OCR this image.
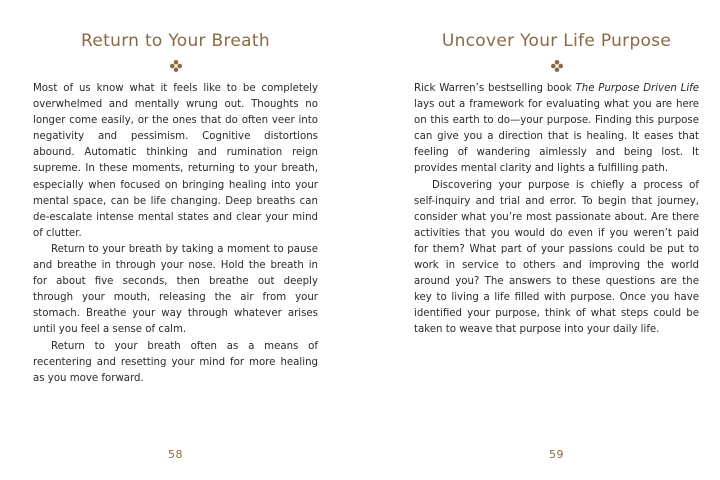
Return to Your Breath

Most of us know what it feels like to be completely overwhelmed and mentally wrung out. Thoughts no longer come easily, or the ones that do often veer into negativity and pessimism. Cognitive distortions abound. Automatic thinking and rumination reign supreme. In these moments, returning to your breath, especially when focused on bringing healing into your mental space, can be life changing. Deep breaths can de-escalate intense mental states and clear your mind of clutter.

Return to your breath by taking a moment to pause and breathe in through your nose. Hold the breath in for about five seconds, then breathe out deeply through your mouth, releasing the air from your stomach. Breathe your way through whatever arises until you feel a sense of calm.

Return to your breath often as a means of recentering and resetting your mind for more healing as you move forward.

58
Uncover Your Life Purpose

Rick Warren’s bestselling book The Purpose Driven Life lays out a framework for evaluating what you are here on this earth to do—your purpose. Finding this purpose can give you a direction that is healing. It eases that feeling of wandering aimlessly and being lost. It provides mental clarity and lights a fulfilling path.

Discovering your purpose is chiefly a process of self-inquiry and trial and error. To begin that journey, consider what you’re most passionate about. Are there activities that you would do even if you weren’t paid for them? What part of your passions could be put to work in service to others and improving the world around you? The answers to these questions are the key to living a life filled with purpose. Once you have identified your purpose, think of what steps could be taken to weave that purpose into your daily life.

59
